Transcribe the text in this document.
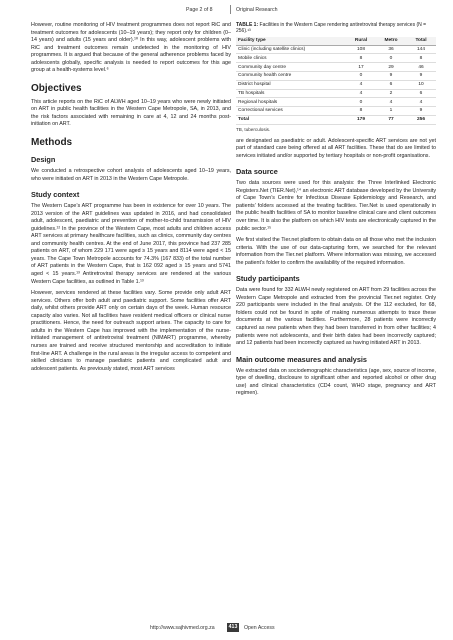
Page 2 of 8	Original Research

However, routine monitoring of HIV treatment programmes does not report RiC and treatment outcomes for adolescents (10–19 years); they report only for children (0–14 years) and adults (15 years and older).¹⁰ In this way, adolescent problems with RiC and treatment outcomes remain undetected in the monitoring of HIV programmes. It is argued that because of the general adherence problems faced by adolescents globally, specific analysis is needed to report outcomes for this age group at a health-systems level.⁶

Objectives

This article reports on the RiC of ALWH aged 10–19 years who were newly initiated on ART in public health facilities in the Western Cape Metropole, SA, in 2013, and the risk factors associated with remaining in care at 4, 12 and 24 months post-initiation on ART.

Methods
Design

We conducted a retrospective cohort analysis of adolescents aged 10–19 years, who were initiated on ART in 2013 in the Western Cape Metropole.

Study context

The Western Cape’s ART programme has been in existence for over 10 years. The 2013 version of the ART guidelines was updated in 2016, and had consolidated adult, adolescent, paediatric and prevention of mother-to-child transmission of HIV guidelines.¹² In the province of the Western Cape, most adults and children access ART services at primary healthcare facilities, such as clinics, community day centres and community health centres. At the end of June 2017, this province had 237 285 patients on ART, of whom 229 171 were aged ≥ 15 years and 8114 were aged < 15 years. The Cape Town Metropole accounts for 74.3% (167 833) of the total number of ART patients in the Western Cape, that is 162 092 aged ≥ 15 years and 5741 aged < 15 years.¹³ Antiretroviral therapy services are rendered at the various Western Cape facilities, as outlined in Table 1.¹³

However, services rendered at these facilities vary. Some provide only adult ART services. Others offer both adult and paediatric support. Some facilities offer ART daily, whilst others provide ART only on certain days of the week. Human resource capacity also varies. Not all facilities have resident medical officers or clinical nurse practitioners. Hence, the need for outreach support arises. The capacity to care for adults in the Western Cape has improved with the implementation of the nurse-initiated management of antiretroviral treatment (NIMART) programme, whereby nurses are trained and receive structured mentorship and accreditation to initiate first-line ART. A challenge in the rural areas is the irregular access to competent and skilled clinicians to manage paediatric patients and complicated adult and adolescent patients. As previously stated, most ART services

TABLE 1: Facilities in the Western Cape rendering antiretroviral therapy services (N = 256).¹³
Facility type	Rural	Metro	Total
Clinic (including satellite clinics)	108	36	144
Mobile clinics	8	0	8
Community day centre	17	29	46
Community health centre	0	9	9
District hospital	4	6	10
TB hospitals	4	2	6
Regional hospitals	0	4	4
Correctional services	8	1	9
Total	179	77	256
TB, tuberculosis.

are designated as paediatric or adult. Adolescent-specific ART services are not yet part of standard care being offered at all ART facilities. These that do are limited to services initiated and/or supported by tertiary hospitals or non-profit organisations.

Data source

Two data sources were used for this analysis: the Three Interlinked Electronic Registers.Net (TIER.Net),¹⁴ an electronic ART database developed by the University of Cape Town’s Centre for Infectious Disease Epidemiology and Research, and patients’ folders accessed at the treating facilities. Tier.Net is used operationally in the public health facilities of SA to monitor baseline clinical care and client outcomes over time. It is also the platform on which HIV tests are electronically captured in the public sector.¹⁵

We first visited the Tier.net platform to obtain data on all those who met the inclusion criteria. With the use of our data-capturing form, we searched for the relevant information from the Tier.net platform. Where information was missing, we accessed the patient’s folder to confirm the availability of the required information.

Study participants

Data were found for 332 ALWH newly registered on ART from 29 facilities across the Western Cape Metropole and extracted from the provincial Tier.net register. Only 220 participants were included in the final analysis. Of the 112 excluded, for 68, folders could not be found in spite of making numerous attempts to trace these documents at the various facilities. Furthermore, 28 patients were incorrectly captured as new patients when they had been transferred in from other facilities; 4 patients were not adolescents, and their birth dates had been incorrectly captured; and 12 patients had been incorrectly captured as having initiated ART in 2013.

Main outcome measures and analysis

We extracted data on sociodemographic characteristics (age, sex, source of income, type of dwelling, disclosure to significant other and reported alcohol or other drug use) and clinical characteristics (CD4 count, WHO stage, pregnancy and ART regimen).

http://www.sajhivmed.org.za	413	Open Access
